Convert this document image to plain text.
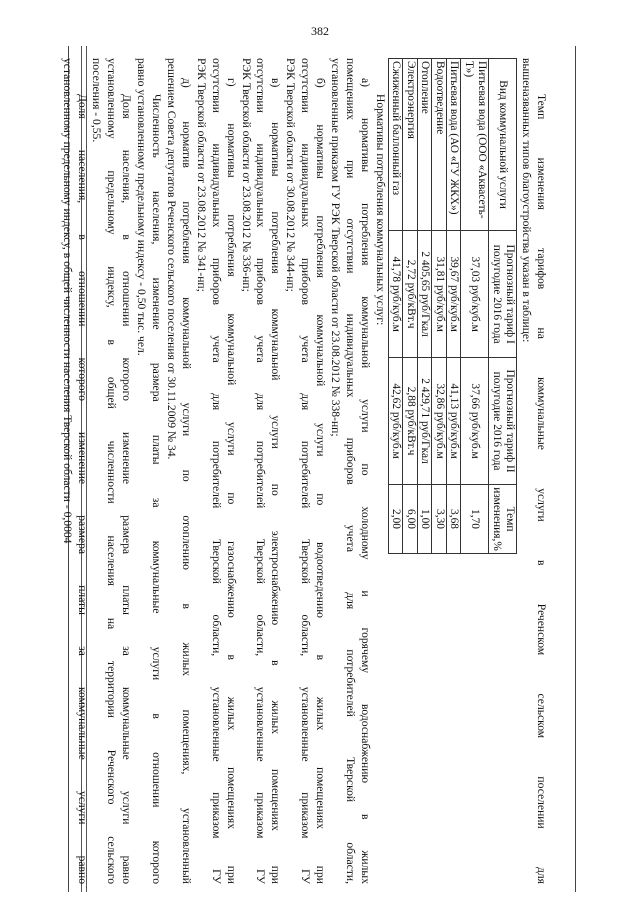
382
Темп изменения тарифов на коммунальные услуги в Реченском сельском поселении для
вышеназванных типов благоустройства указан в таблице:
Вид коммунальной услуги	Прогнозный тариф I полугодие 2016 года	Прогнозный тариф II полугодие 2016 года	Темп изменения,%
Питьевая вода (ООО «Аквасеть-Т»)	37,03 руб/куб.м	37,66 руб/куб.м	1,70
Питьевая вода (АО «ГУ ЖКХ»)	39,67 руб/куб.м	41,13 руб/куб.м	3,68
Водоотведение	31,81 руб/куб.м	32,86 руб/куб.м	3,30
Отопление	2 405,65 руб/Гкал	2 429,71 руб/Гкал	1,00
Электроэнергия	2,72 руб/кВт.ч	2,88 руб/кВт.ч	6,00
Сжиженный баллонный газ	41,78 руб/куб.м	42,62 руб/куб.м	2,00
Нормативы потребления коммунальных услуг:
а) нормативы потребления коммунальной услуги по холодному и горячему водоснабжению в жилых
помещениях при отсутствии индивидуальных приборов учета для потребителей Тверской области,
установленные приказом ГУ РЭК Тверской области от 23.08.2012 № 338-нп;
б) нормативы потребления коммунальной услуги по водоотведению в жилых помещениях при
отсутствии индивидуальных приборов учета для потребителей Тверской области, установленные приказом ГУ
РЭК Тверской области от 30.08.2012 № 344-нп;
в) нормативы потребления коммунальной услуги по электроснабжению в жилых помещениях при
отсутствии индивидуальных приборов учета для потребителей Тверской области, установленные приказом ГУ
РЭК Тверской области от 23.08.2012 № 336-нп;
г) нормативы потребления коммунальной услуги по газоснабжению в жилых помещениях при
отсутствии индивидуальных приборов учета для потребителей Тверской области, установленные приказом ГУ
РЭК Тверской области от 23.08.2012 № 341-нп;
д) норматив потребления коммунальной услуги по отоплению в жилых помещениях, установленный
решением Совета депутатов Реченского сельского поселения от 30.11.2009 № 34.
Численность населения, изменение размера платы за коммунальные услуги в отношении которого
равно установленному предельному индексу - 0,50 тыс. чел.
Доля населения, в отношении которого изменение размера платы за коммунальные услуги равно
установленному предельному индексу, в общей численности населения на территории Реченского сельского
поселения - 0,55.
Доля населения, в отношении которого изменение размера платы за коммунальные услуги равно
установленному предельному индексу, в общей численности населения Тверской области - 0,0004
